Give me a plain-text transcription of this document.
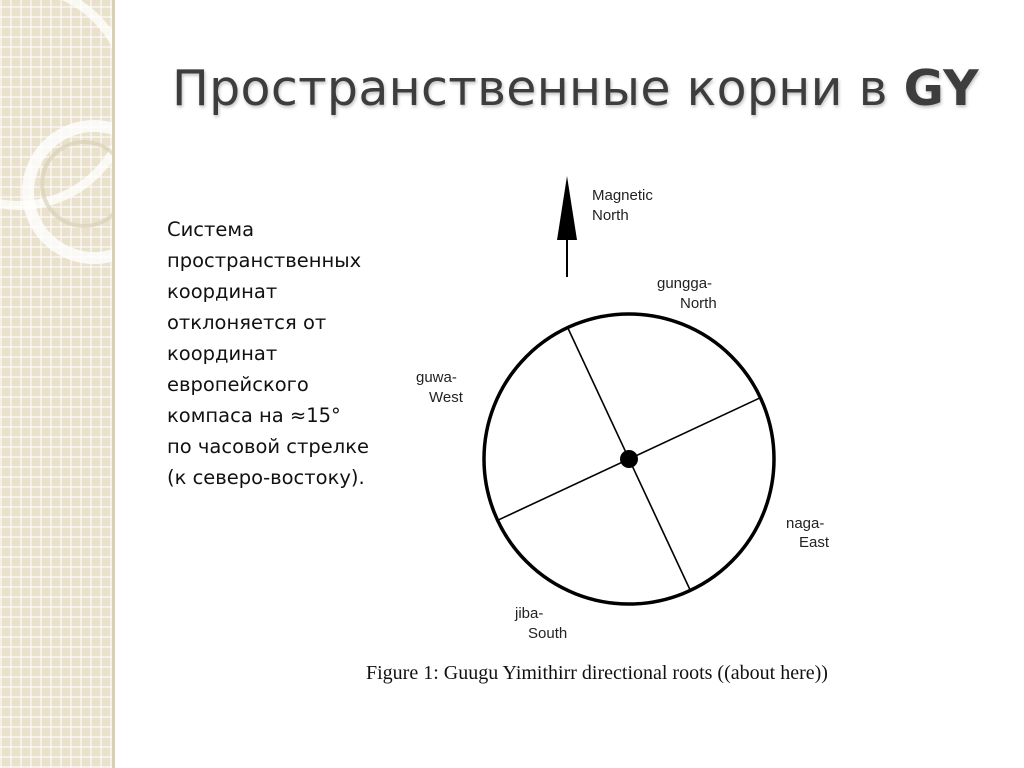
Пространственные корни в GY
Система
пространственных
координат
отклоняется от
координат
европейского
компаса на ≈15°
по часовой стрелке
(к северо-востоку).
Magnetic
North
gungga-
North
guwa-
West
naga-
East
jiba-
South
Figure 1: Guugu Yimithirr directional roots ((about here))
